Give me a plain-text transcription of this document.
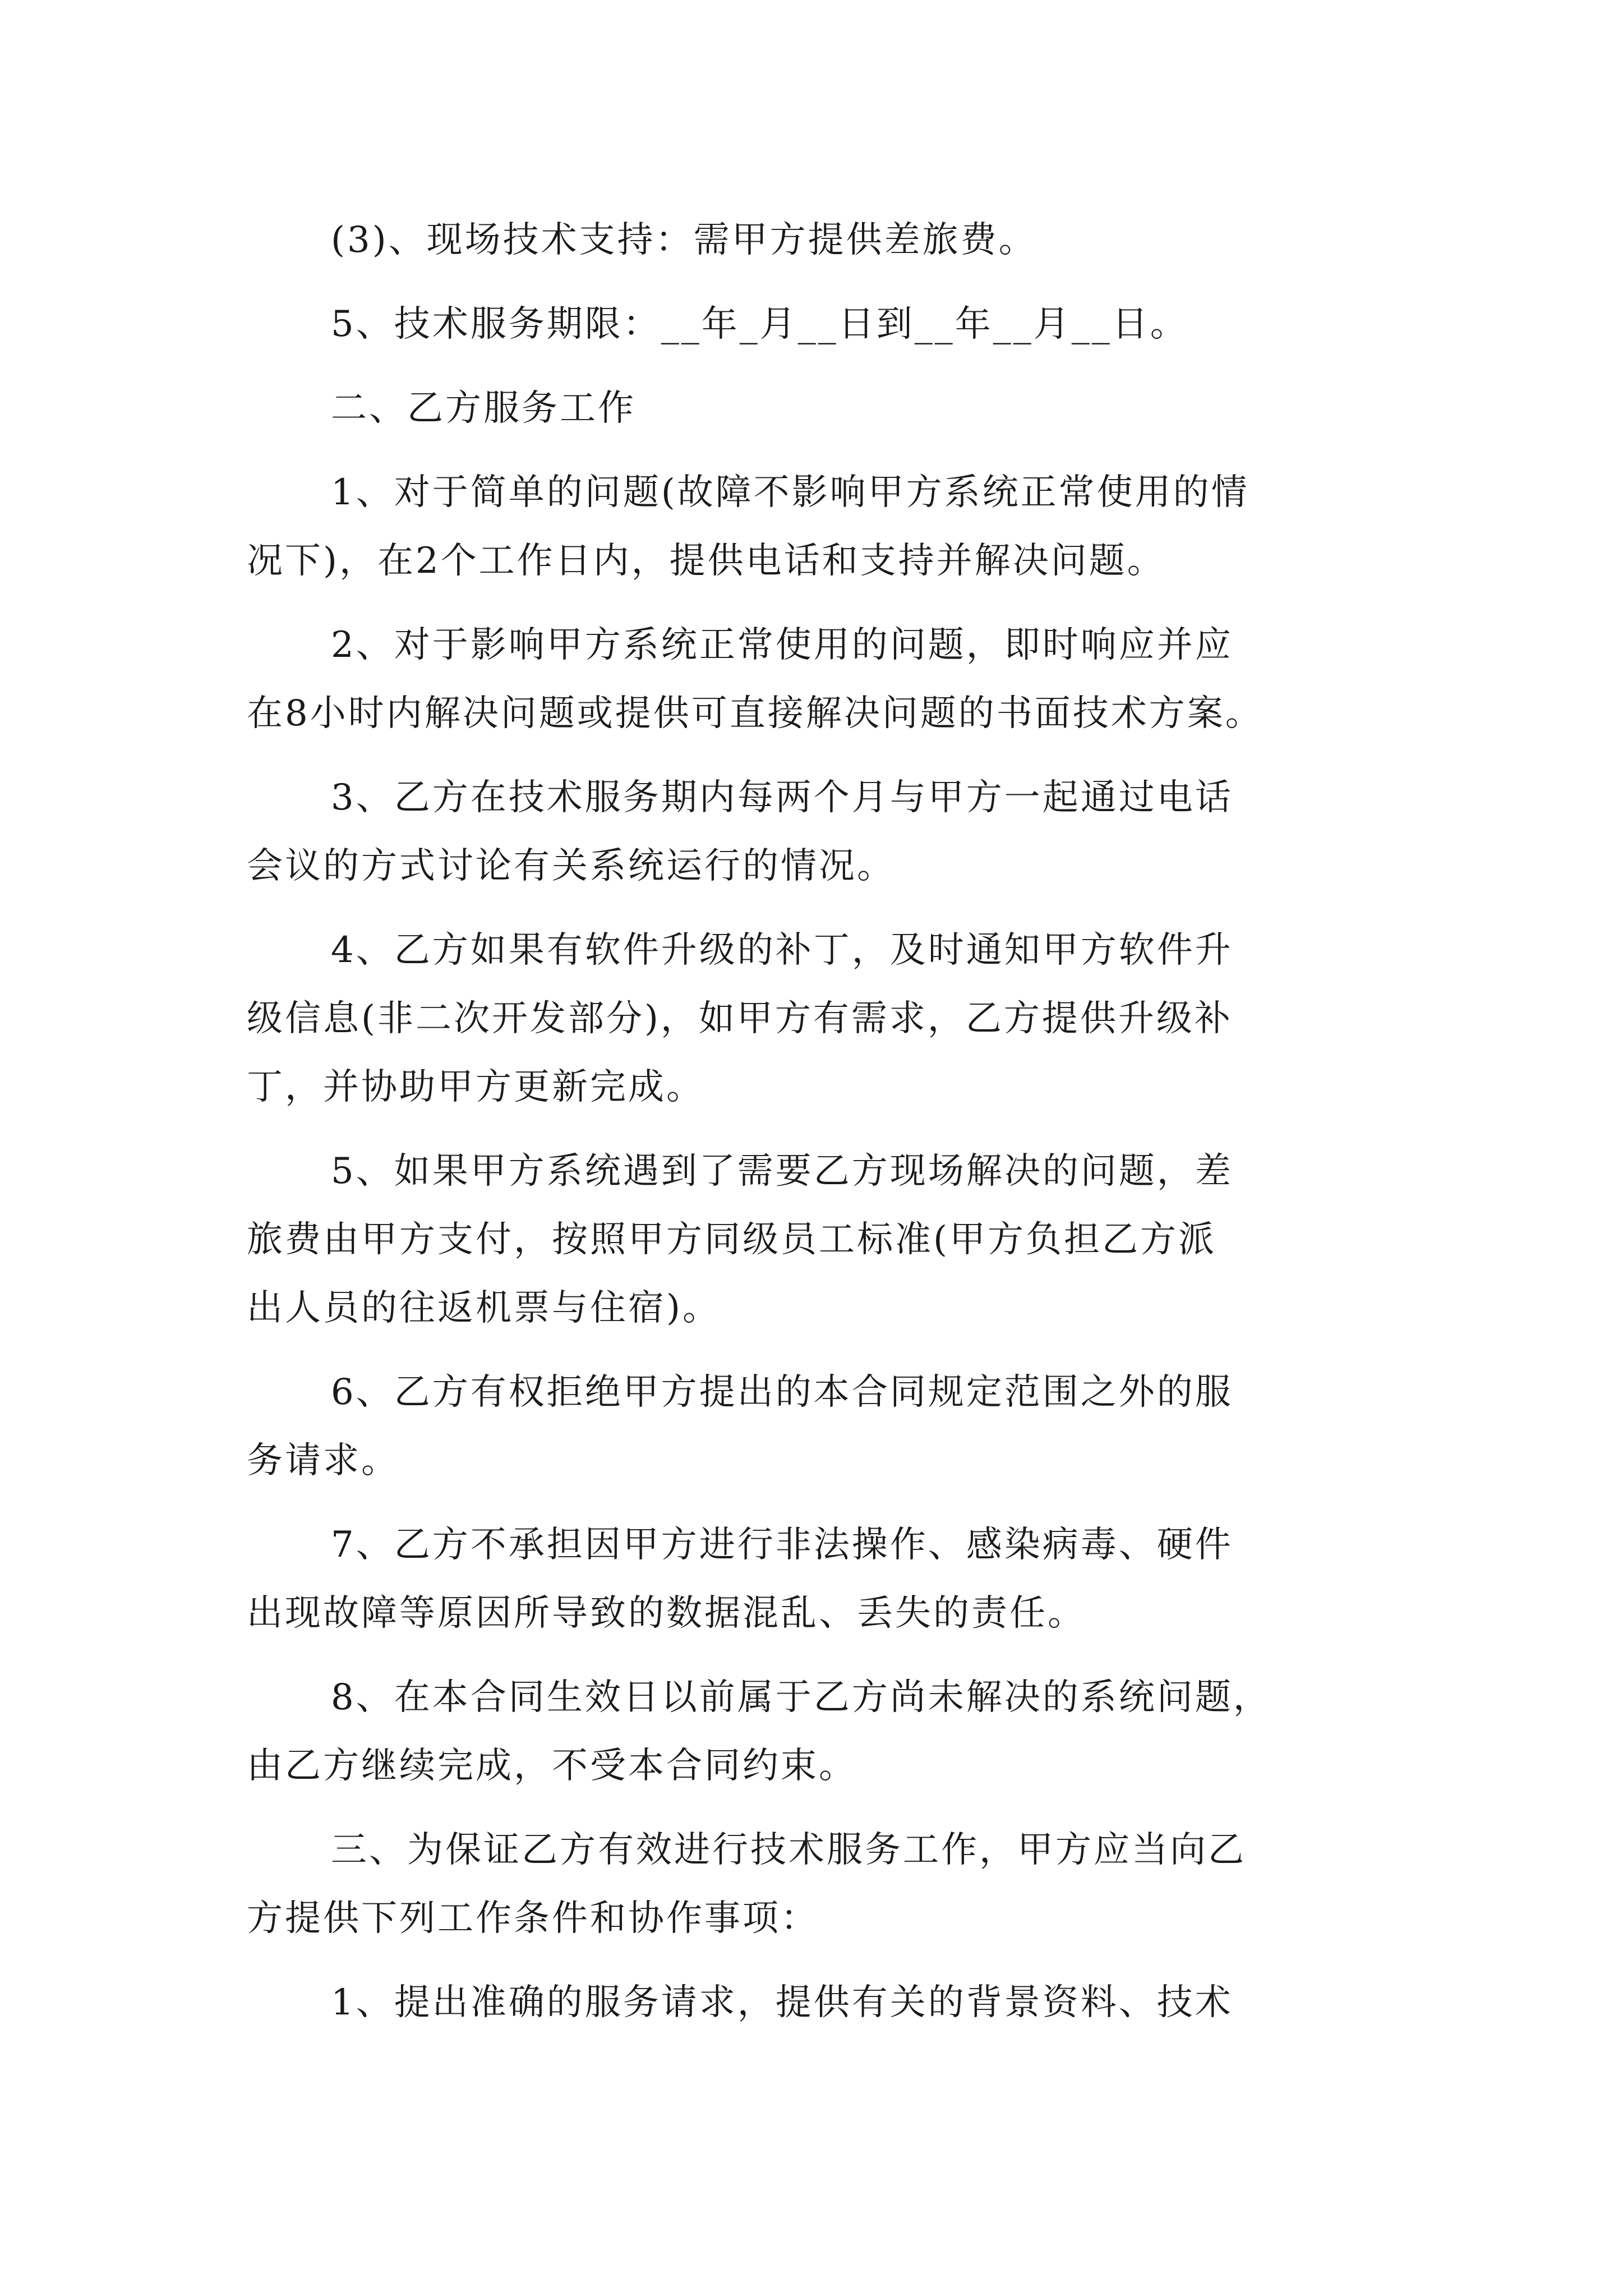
(3)、现场技术支持：需甲方提供差旅费。
5、技术服务期限：__年_月__日到__年__月__日。
二、乙方服务工作
1、对于简单的问题(故障不影响甲方系统正常使用的情
况下)，在2个工作日内，提供电话和支持并解决问题。
2、对于影响甲方系统正常使用的问题，即时响应并应
在8小时内解决问题或提供可直接解决问题的书面技术方案。
3、乙方在技术服务期内每两个月与甲方一起通过电话
会议的方式讨论有关系统运行的情况。
4、乙方如果有软件升级的补丁，及时通知甲方软件升
级信息(非二次开发部分)，如甲方有需求，乙方提供升级补
丁，并协助甲方更新完成。
5、如果甲方系统遇到了需要乙方现场解决的问题，差
旅费由甲方支付，按照甲方同级员工标准(甲方负担乙方派
出人员的往返机票与住宿)。
6、乙方有权拒绝甲方提出的本合同规定范围之外的服
务请求。
7、乙方不承担因甲方进行非法操作、感染病毒、硬件
出现故障等原因所导致的数据混乱、丢失的责任。
8、在本合同生效日以前属于乙方尚未解决的系统问题，
由乙方继续完成，不受本合同约束。
三、为保证乙方有效进行技术服务工作，甲方应当向乙
方提供下列工作条件和协作事项：
1、提出准确的服务请求，提供有关的背景资料、技术
